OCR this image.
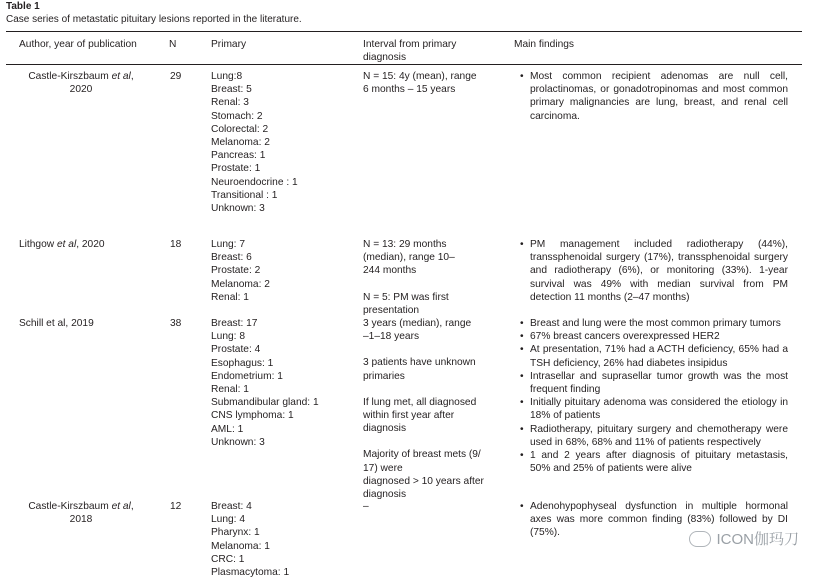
Table 1
Case series of metastatic pituitary lesions reported in the literature.
Author, year of publication	N	Primary	Interval from primary diagnosis
Main findings
Castle-Kirszbaum et al,
2020
29	Lung:8
Breast: 5
Renal: 3
Stomach: 2
Colorectal: 2
Melanoma: 2
Pancreas: 1
Prostate: 1
Neuroendocrine : 1
Transitional : 1
Unknown: 3
N = 15: 4y (mean), range
6 months – 15 years
• Most common recipient adenomas are null cell, prolactinomas, or gonadotropinomas and most common primary malignancies are lung, breast, and renal cell carcinoma.
Lithgow et al, 2020	18	Lung: 7
Breast: 6
Prostate: 2
Melanoma: 2
Renal: 1
N = 13: 29 months
(median), range 10–
244 months
N = 5: PM was first
presentation
• PM management included radiotherapy (44%), transsphenoidal surgery (17%), transsphenoidal surgery and radiotherapy (6%), or monitoring (33%). 1-year survival was 49% with median survival from PM detection 11 months (2–47 months)
Schill et al, 2019	38	Breast: 17
Lung: 8
Prostate: 4
Esophagus: 1
Endometrium: 1
Renal: 1
Submandibular gland: 1
CNS lymphoma: 1
AML: 1
Unknown: 3
3 years (median), range
–1–18 years
3 patients have unknown
primaries
If lung met, all diagnosed
within first year after
diagnosis
Majority of breast mets (9/
17) were
diagnosed > 10 years after
diagnosis
• Breast and lung were the most common primary tumors
• 67% breast cancers overexpressed HER2
• At presentation, 71% had a ACTH deficiency, 65% had a TSH deficiency, 26% had diabetes insipidus
• Intrasellar and suprasellar tumor growth was the most frequent finding
• Initially pituitary adenoma was considered the etiology in 18% of patients
• Radiotherapy, pituitary surgery and chemotherapy were used in 68%, 68% and 11% of patients respectively
• 1 and 2 years after diagnosis of pituitary metastasis, 50% and 25% of patients were alive
Castle-Kirszbaum et al,
2018
12	Breast: 4
Lung: 4
Pharynx: 1
Melanoma: 1
CRC: 1
Plasmacytoma: 1
–
•	Adenohypophyseal dysfunction in multiple hormonal axes was more common finding (83%) followed by DI (75%).	ICON伽玛刀
